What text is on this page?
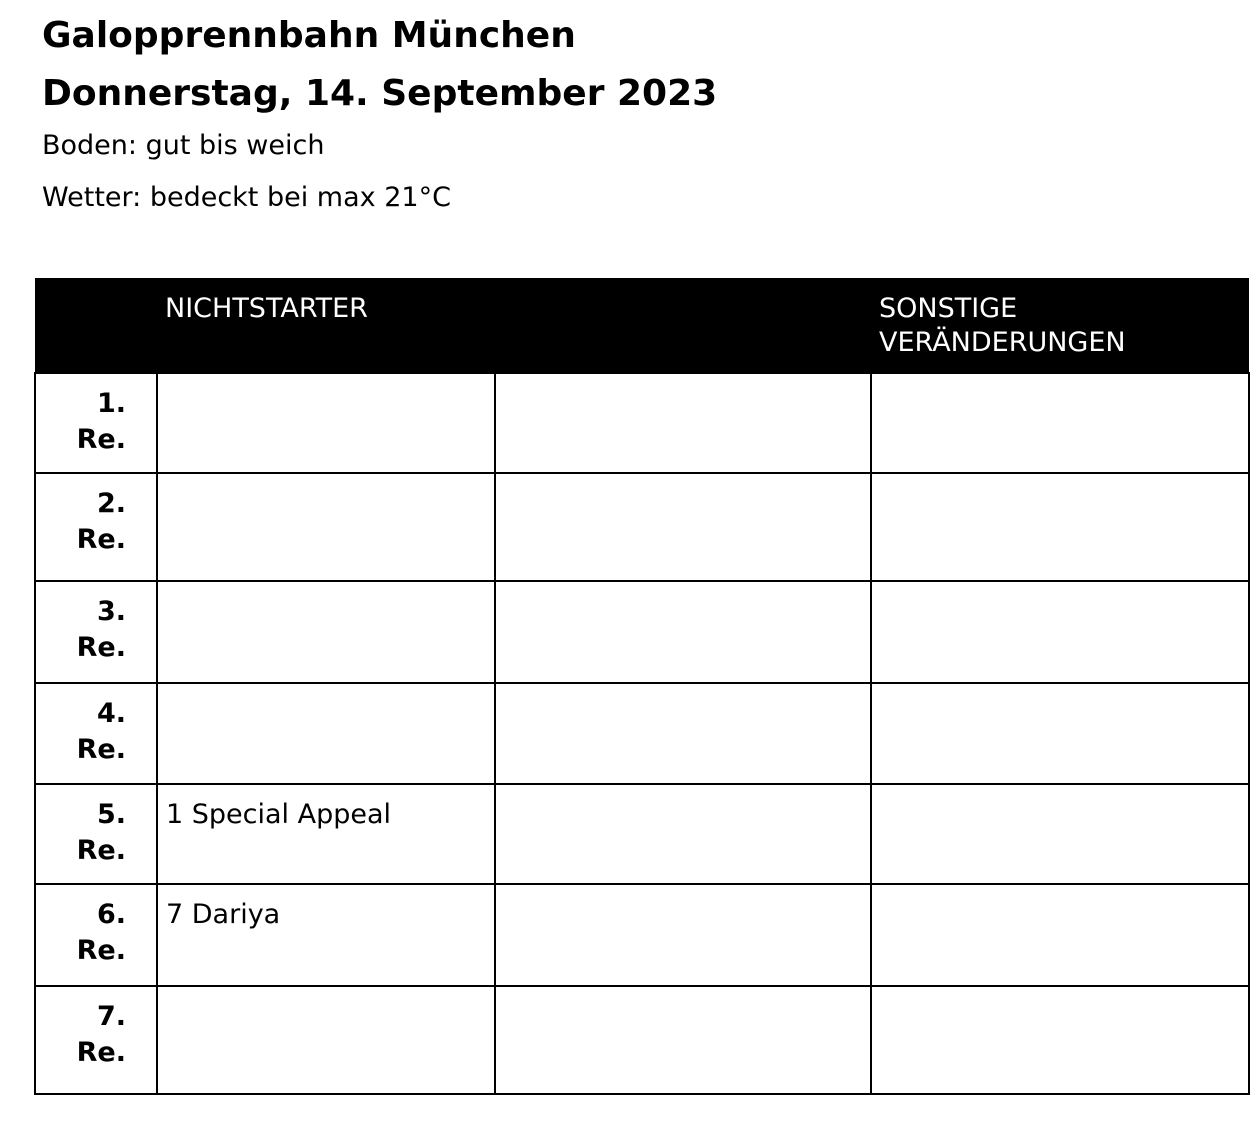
Galopprennbahn München
Donnerstag, 14. September 2023
Boden: gut bis weich
Wetter: bedeckt bei max 21°C
	NICHTSTARTER		SONSTIGE VERÄNDERUNGEN

1.
Re.			

2.
Re.			

3.
Re.			

4.
Re.			

5.
Re.	1 Special Appeal		

6.
Re.	7 Dariya		

7.
Re.			
